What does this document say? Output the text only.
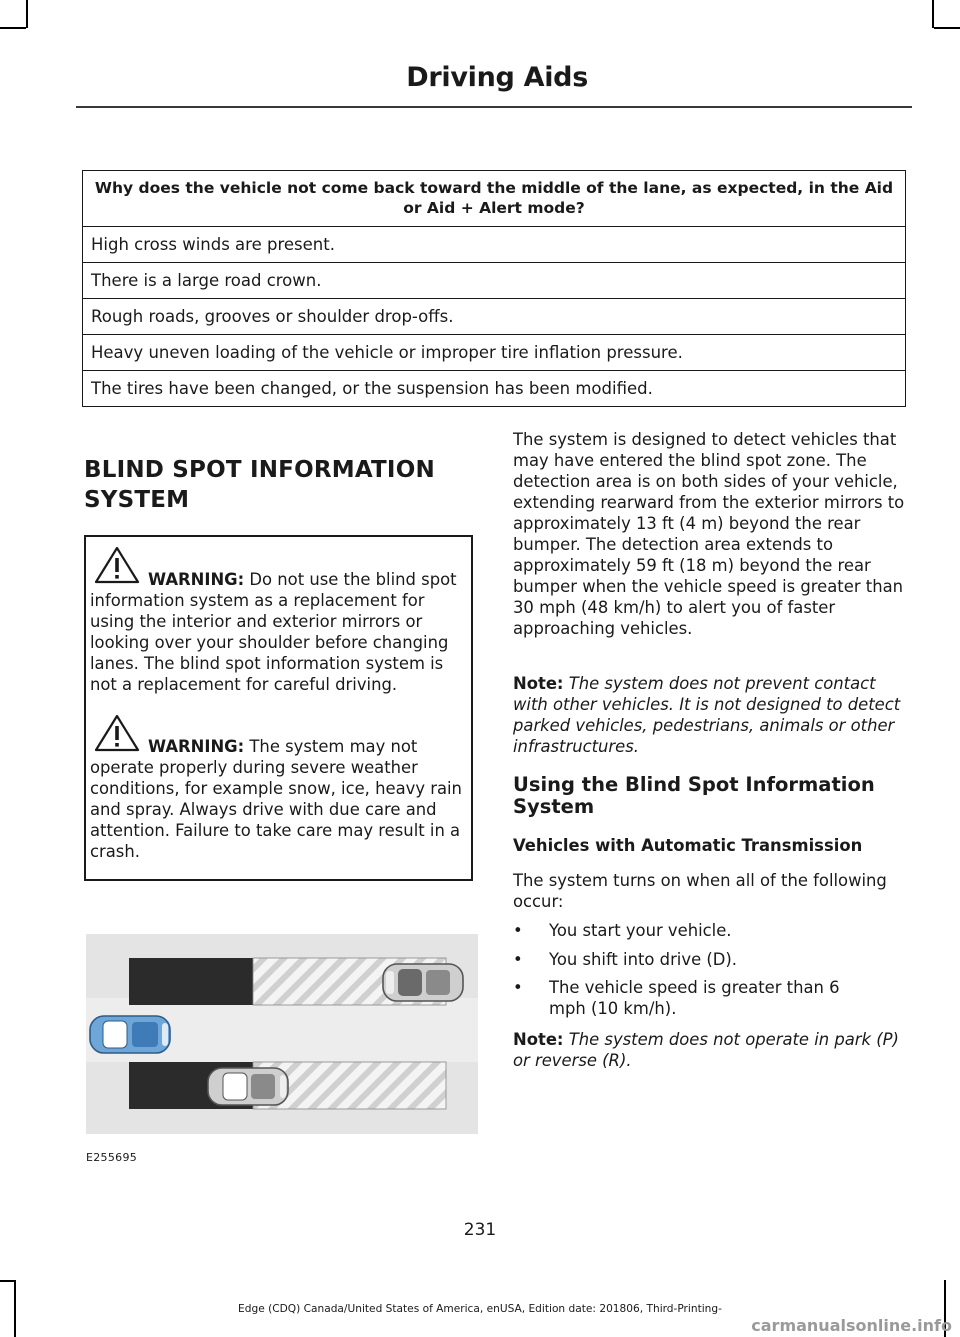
Driving Aids
Why does the vehicle not come back toward the middle of the lane, as expected, in the Aid or Aid + Alert mode?
High cross winds are present.
There is a large road crown.
Rough roads, grooves or shoulder drop-offs.
Heavy uneven loading of the vehicle or improper tire inflation pressure.
The tires have been changed, or the suspension has been modified.
BLIND SPOT INFORMATION
SYSTEM

WARNING: Do not use the blind spot information system as a replacement for using the interior and exterior mirrors or looking over your shoulder before changing lanes. The blind spot information system is not a replacement for careful driving.

WARNING: The system may not operate properly during severe weather conditions, for example snow, ice, heavy rain and spray. Always drive with due care and attention. Failure to take care may result in a crash.

E255695

The system is designed to detect vehicles that may have entered the blind spot zone. The detection area is on both sides of your vehicle, extending rearward from the exterior mirrors to approximately 13 ft (4 m) beyond the rear bumper. The detection area extends to approximately 59 ft (18 m) beyond the rear bumper when the vehicle speed is greater than 30 mph (48 km/h) to alert you of faster approaching vehicles.

Note: The system does not prevent contact with other vehicles. It is not designed to detect parked vehicles, pedestrians, animals or other infrastructures.

Using the Blind Spot Information System
Vehicles with Automatic Transmission

The system turns on when all of the following occur:

• You start your vehicle.
• You shift into drive (D).
• The vehicle speed is greater than 6 mph (10 km/h).

Note: The system does not operate in park (P) or reverse (R).

231
Edge (CDQ) Canada/United States of America, enUSA, Edition date: 201806, Third-Printing-
carmanualsonline.info
